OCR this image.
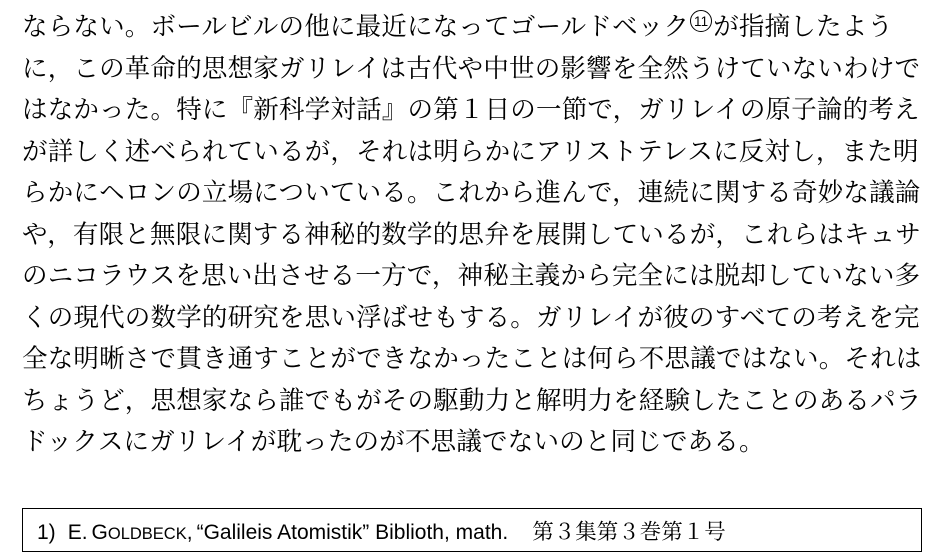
ならない。ボールビルの他に最近になってゴールドベック 11 が指摘したよう
に，この革命的思想家ガリレイは古代や中世の影響を全然うけていないわけで
はなかった。特に『新科学対話』の第１日の一節で，ガリレイの原子論的考え
が詳しく述べられているが，それは明らかにアリストテレスに反対し，また明
らかにヘロンの立場についている。これから進んで，連続に関する奇妙な議論
や，有限と無限に関する神秘的数学的思弁を展開しているが，これらはキュサ
のニコラウスを思い出させる一方で，神秘主義から完全には脱却していない多
くの現代の数学的研究を思い浮ばせもする。ガリレイが彼のすべての考えを完
全な明晰さで貫き通すことができなかったことは何ら不思議ではない。それは
ちょうど，思想家なら誰でもがその駆動力と解明力を経験したことのあるパラ
ドックスにガリレイが耽ったのが不思議でないのと同じである。

1) E. GOLDBECK, “Galileis Atomistik” Biblioth, math. 第３集第３巻第１号
